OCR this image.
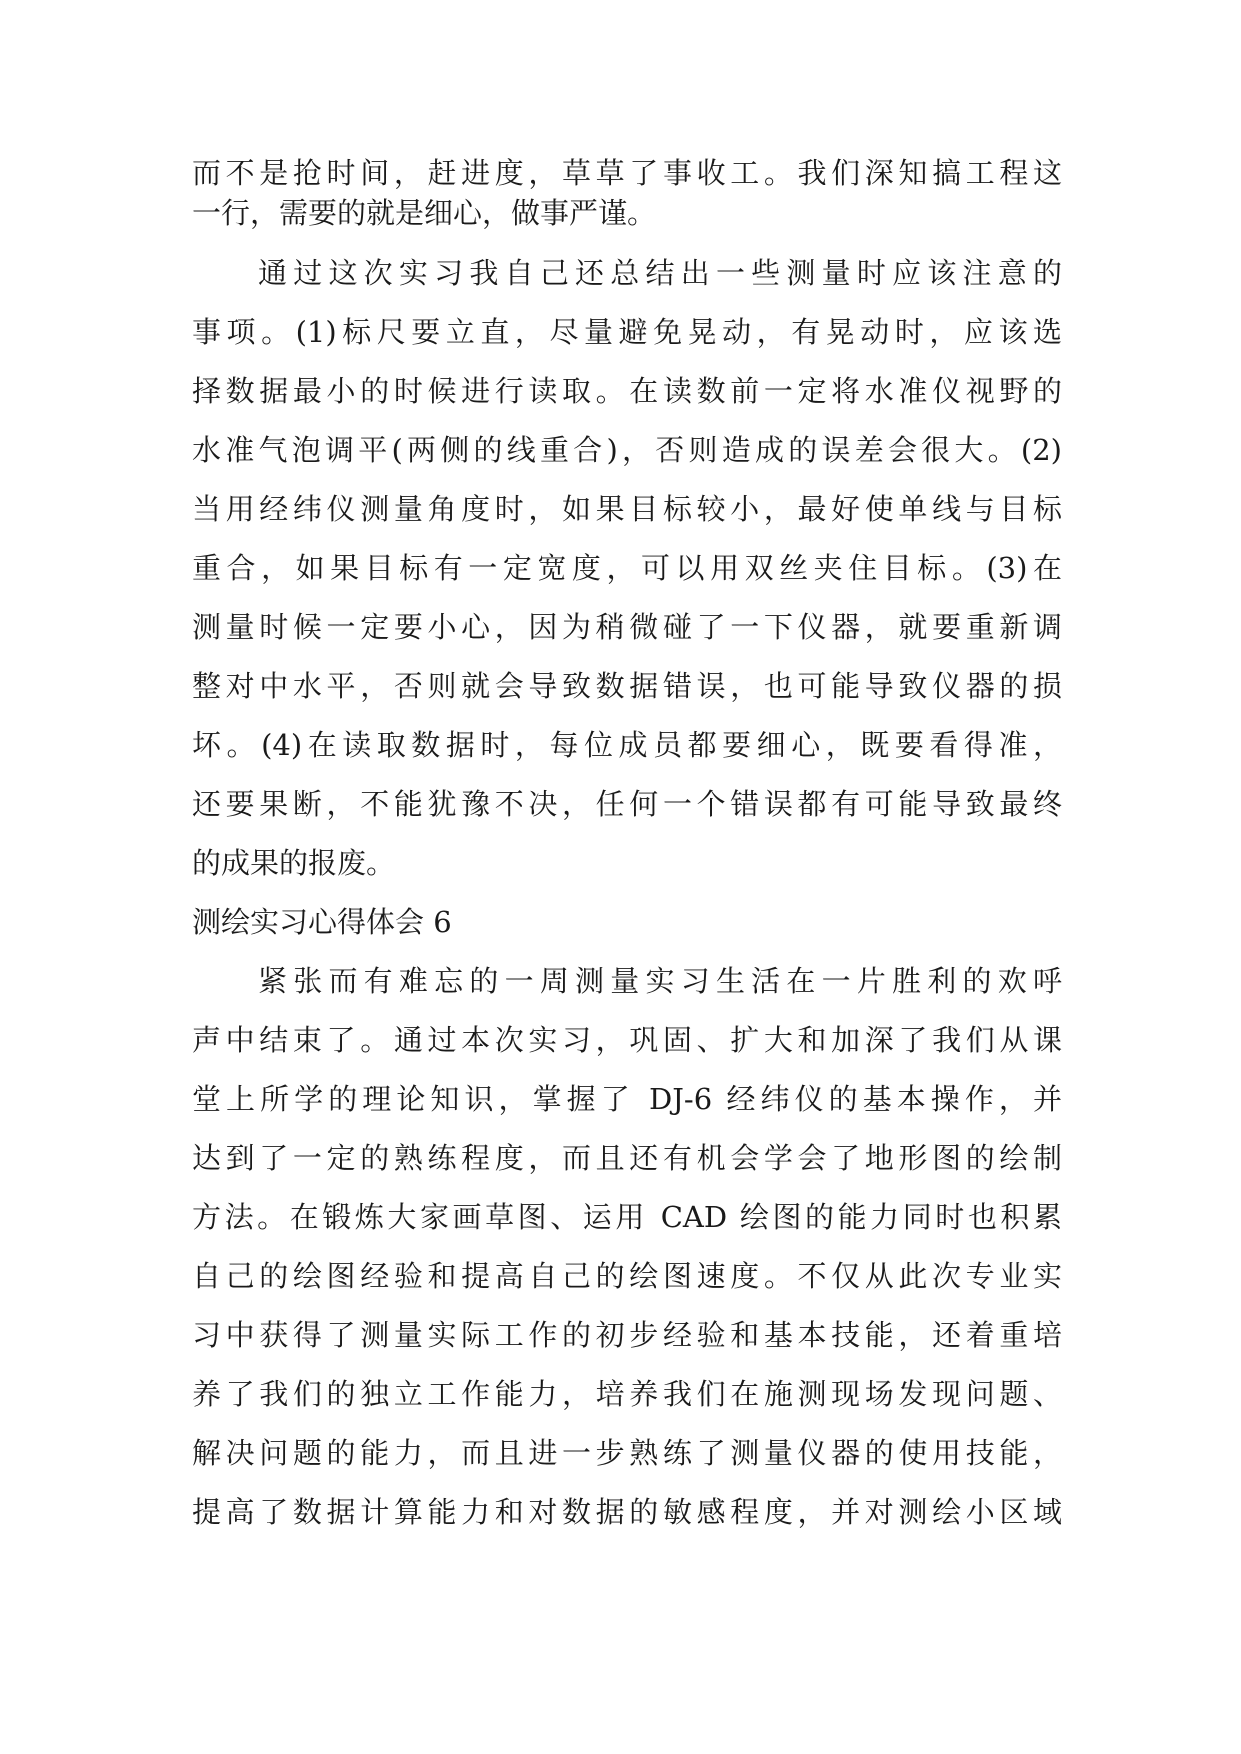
而不是抢时间，赶进度，草草了事收工。我们深知搞工程这
一行，需要的就是细心，做事严谨。
通过这次实习我自己还总结出一些测量时应该注意的
事项。(1)标尺要立直，尽量避免晃动，有晃动时，应该选
择数据最小的时候进行读取。在读数前一定将水准仪视野的
水准气泡调平(两侧的线重合)，否则造成的误差会很大。(2)
当用经纬仪测量角度时，如果目标较小，最好使单线与目标
重合，如果目标有一定宽度，可以用双丝夹住目标。(3)在
测量时候一定要小心，因为稍微碰了一下仪器，就要重新调
整对中水平，否则就会导致数据错误，也可能导致仪器的损
坏。(4)在读取数据时，每位成员都要细心，既要看得准，
还要果断，不能犹豫不决，任何一个错误都有可能导致最终
的成果的报废。
测绘实习心得体会 6
紧张而有难忘的一周测量实习生活在一片胜利的欢呼
声中结束了。通过本次实习，巩固、扩大和加深了我们从课
堂上所学的理论知识，掌握了 DJ-6 经纬仪的基本操作，并
达到了一定的熟练程度，而且还有机会学会了地形图的绘制
方法。在锻炼大家画草图、运用 CAD 绘图的能力同时也积累
自己的绘图经验和提高自己的绘图速度。不仅从此次专业实
习中获得了测量实际工作的初步经验和基本技能，还着重培
养了我们的独立工作能力，培养我们在施测现场发现问题、
解决问题的能力，而且进一步熟练了测量仪器的使用技能，
提高了数据计算能力和对数据的敏感程度，并对测绘小区域
